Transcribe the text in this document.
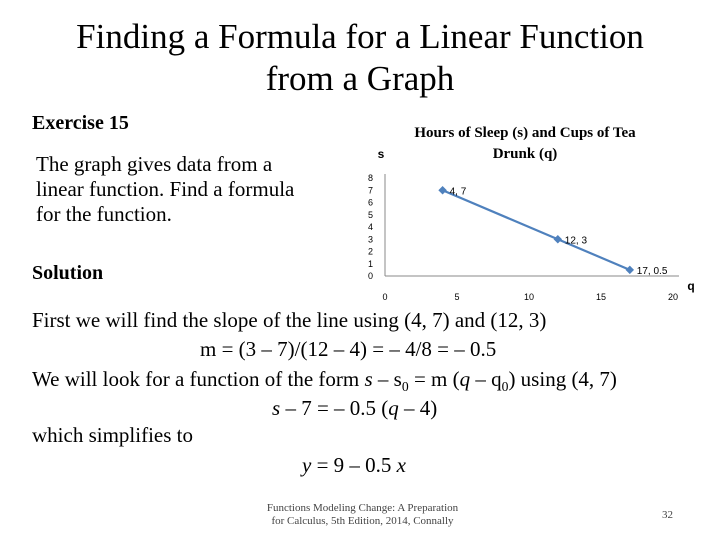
Finding a Formula for a Linear Function
from a Graph
Exercise 15
The graph gives data from a
linear function. Find a formula
for the function.
Solution
Hours of Sleep (s) and Cups of Tea Drunk (q)
s
q
0
1
2
3
4
5
6
7
8
0	5	10	15	20
4, 7
12, 3
17, 0.5
First we will find the slope of the line using (4, 7) and (12, 3)
m = (3 – 7)/(12 – 4) = – 4/8 = – 0.5
We will look for a function of the form $s - s_0 = m$ $(q - q_0)$ using (4, 7)
s – 7 = – 0.5 (q – 4)
which simplifies to
y = 9 – 0.5 x
Functions Modeling Change: A Preparation
for Calculus, 5th Edition, 2014, Connally	32
